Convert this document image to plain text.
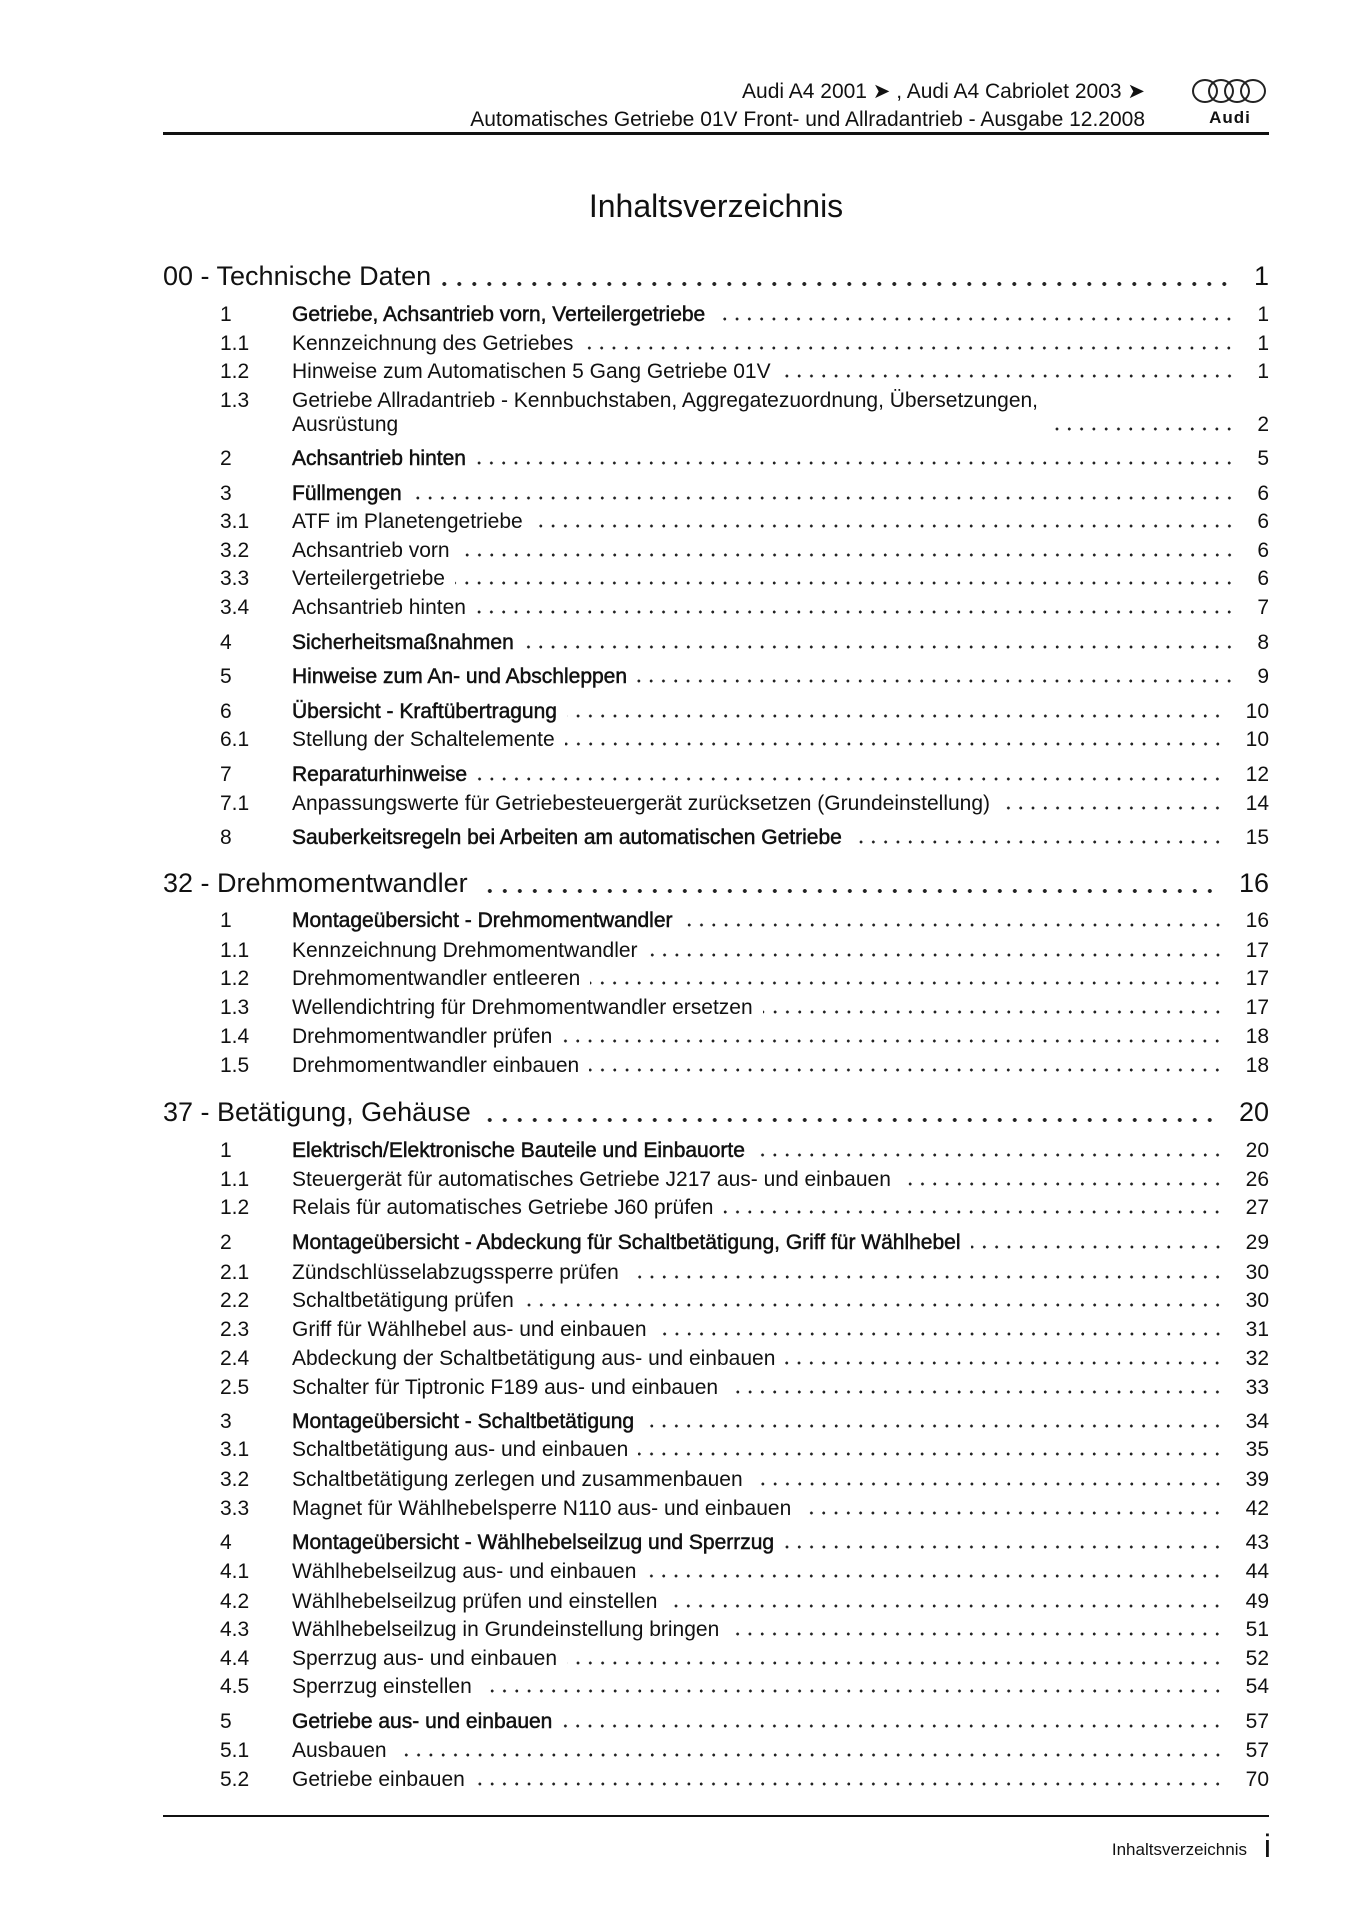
Audi A4 2001 ➤ , Audi A4 Cabriolet 2003 ➤
Automatisches Getriebe 01V Front- und Allradantrieb - Ausgabe 12.2008	Audi
Inhaltsverzeichnis
00 - Technische Daten	1
1	Getriebe, Achsantrieb vorn, Verteilergetriebe	1
1.1	Kennzeichnung des Getriebes	1
1.2	Hinweise zum Automatischen 5 Gang Getriebe 01V	1
1.3	Getriebe Allradantrieb - Kennbuchstaben, Aggregatezuordnung, Übersetzungen,
Ausrüstung	2
2	Achsantrieb hinten	5
3	Füllmengen	6
3.1	ATF im Planetengetriebe	6
3.2	Achsantrieb vorn	6
3.3	Verteilergetriebe	6
3.4	Achsantrieb hinten	7
4	Sicherheitsmaßnahmen	8
5	Hinweise zum An- und Abschleppen	9
6	Übersicht - Kraftübertragung	10
6.1	Stellung der Schaltelemente	10
7	Reparaturhinweise	12
7.1	Anpassungswerte für Getriebesteuergerät zurücksetzen (Grundeinstellung)	14
8	Sauberkeitsregeln bei Arbeiten am automatischen Getriebe	15
32 - Drehmomentwandler	16
1	Montageübersicht - Drehmomentwandler	16
1.1	Kennzeichnung Drehmomentwandler	17
1.2	Drehmomentwandler entleeren	17
1.3	Wellendichtring für Drehmomentwandler ersetzen	17
1.4	Drehmomentwandler prüfen	18
1.5	Drehmomentwandler einbauen	18
37 - Betätigung, Gehäuse	20
1	Elektrisch/Elektronische Bauteile und Einbauorte	20
1.1	Steuergerät für automatisches Getriebe J217 aus- und einbauen	26
1.2	Relais für automatisches Getriebe J60 prüfen	27
2	Montageübersicht - Abdeckung für Schaltbetätigung, Griff für Wählhebel	29
2.1	Zündschlüsselabzugssperre prüfen	30
2.2	Schaltbetätigung prüfen	30
2.3	Griff für Wählhebel aus- und einbauen	31
2.4	Abdeckung der Schaltbetätigung aus- und einbauen	32
2.5	Schalter für Tiptronic F189 aus- und einbauen	33
3	Montageübersicht - Schaltbetätigung	34
3.1	Schaltbetätigung aus- und einbauen	35
3.2	Schaltbetätigung zerlegen und zusammenbauen	39
3.3	Magnet für Wählhebelsperre N110 aus- und einbauen	42
4	Montageübersicht - Wählhebelseilzug und Sperrzug	43
4.1	Wählhebelseilzug aus- und einbauen	44
4.2	Wählhebelseilzug prüfen und einstellen	49
4.3	Wählhebelseilzug in Grundeinstellung bringen	51
4.4	Sperrzug aus- und einbauen	52
4.5	Sperrzug einstellen	54
5	Getriebe aus- und einbauen	57
5.1	Ausbauen	57
5.2	Getriebe einbauen	70
Inhaltsverzeichnis i
